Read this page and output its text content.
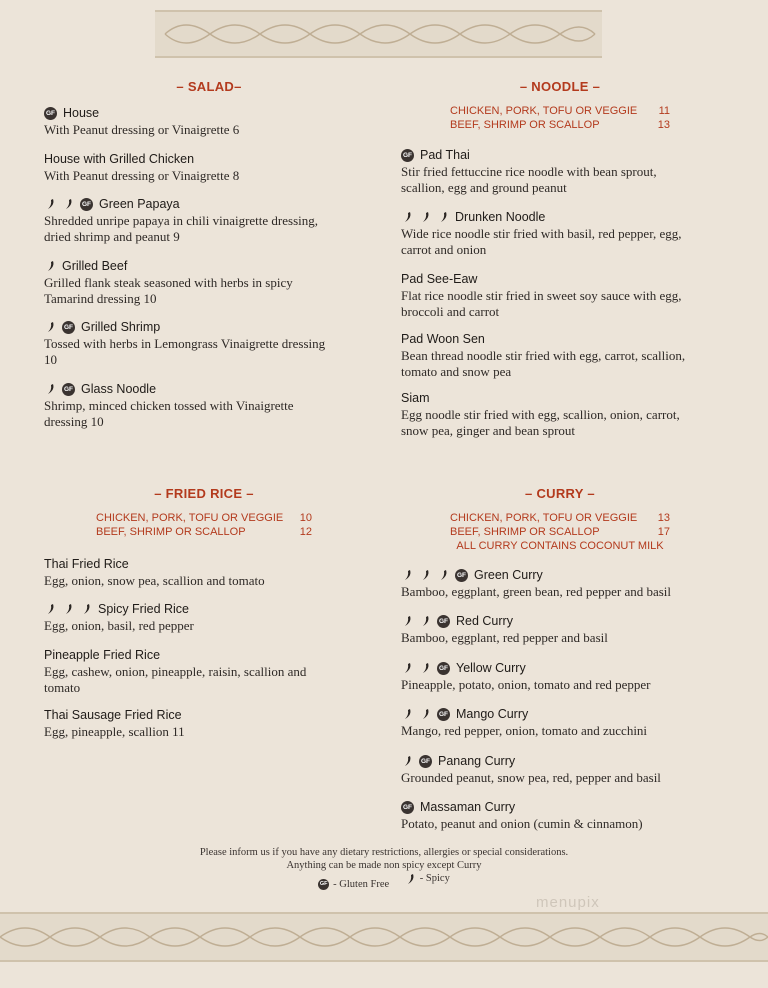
– SALAD–
GF House
With Peanut dressing or Vinaigrette 6
House with Grilled Chicken
With Peanut dressing or Vinaigrette 8
GF Green Papaya
Shredded unripe papaya in chili vinaigrette dressing,
dried shrimp and peanut 9
Grilled Beef
Grilled flank steak seasoned with herbs in spicy
Tamarind dressing 10
GF Grilled Shrimp
Tossed with herbs in Lemongrass Vinaigrette dressing
10
GF Glass Noodle
Shrimp, minced chicken tossed with Vinaigrette
dressing 10
– NOODLE –
CHICKEN, PORK, TOFU OR VEGGIE	11
BEEF, SHRIMP OR SCALLOP	13
GF Pad Thai
Stir fried fettuccine rice noodle with bean sprout,
scallion, egg and ground peanut
Drunken Noodle
Wide rice noodle stir fried with basil, red pepper, egg,
carrot and onion
Pad See-Eaw
Flat rice noodle stir fried in sweet soy sauce with egg,
broccoli and carrot
Pad Woon Sen
Bean thread noodle stir fried with egg, carrot, scallion,
tomato and snow pea
Siam
Egg noodle stir fried with egg, scallion, onion, carrot,
snow pea, ginger and bean sprout
– FRIED RICE –
CHICKEN, PORK, TOFU OR VEGGIE	10
BEEF, SHRIMP OR SCALLOP	12
Thai Fried Rice
Egg, onion, snow pea, scallion and tomato
Spicy Fried Rice
Egg, onion, basil, red pepper
Pineapple Fried Rice
Egg, cashew, onion, pineapple, raisin, scallion and
tomato
Thai Sausage Fried Rice
Egg, pineapple, scallion 11
– CURRY –
CHICKEN, PORK, TOFU OR VEGGIE	13
BEEF, SHRIMP OR SCALLOP	17
ALL CURRY CONTAINS COCONUT MILK
GF Green Curry
Bamboo, eggplant, green bean, red pepper and basil
GF Red Curry
Bamboo, eggplant, red pepper and basil
GF Yellow Curry
Pineapple, potato, onion, tomato and red pepper
GF Mango Curry
Mango, red pepper, onion, tomato and zucchini
GF Panang Curry
Grounded peanut, snow pea, red, pepper and basil
GF Massaman Curry
Potato, peanut and onion (cumin & cinnamon)
Please inform us if you have any dietary restrictions, allergies or special considerations.
Anything can be made non spicy except Curry
GF - Gluten Free
	- Spicy
menupix
